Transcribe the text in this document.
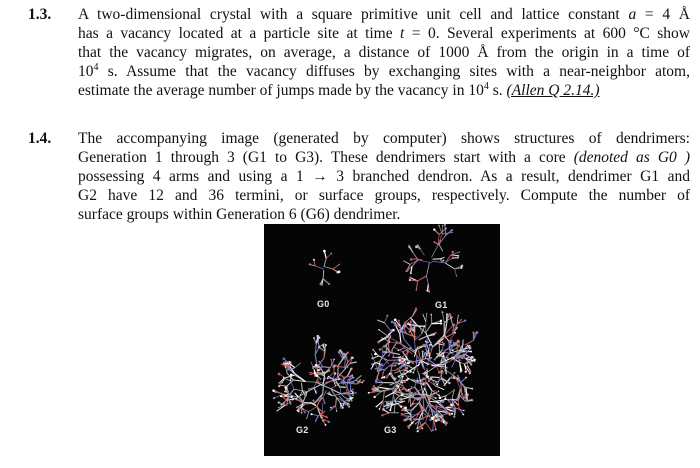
1.3. A two-dimensional crystal with a square primitive unit cell and lattice constant a = 4 Å
has a vacancy located at a particle site at time t = 0. Several experiments at 600 °C show
that the vacancy migrates, on average, a distance of 1000 Å from the origin in a time of
$10^4$ s. Assume that the vacancy diffuses by exchanging sites with a near-neighbor atom,
estimate the average number of jumps made by the vacancy in $10^4$ s. (Allen Q 2.14.)
1.4. The accompanying image (generated by computer) shows structures of dendrimers:
Generation 1 through 3 (G1 to G3). These dendrimers start with a core (denoted as G0 )
possessing 4 arms and using a 1 → 3 branched dendron. As a result, dendrimer G1 and
G2 have 12 and 36 termini, or surface groups, respectively. Compute the number of
surface groups within Generation 6 (G6) dendrimer.
G0	G1
G2	G3
